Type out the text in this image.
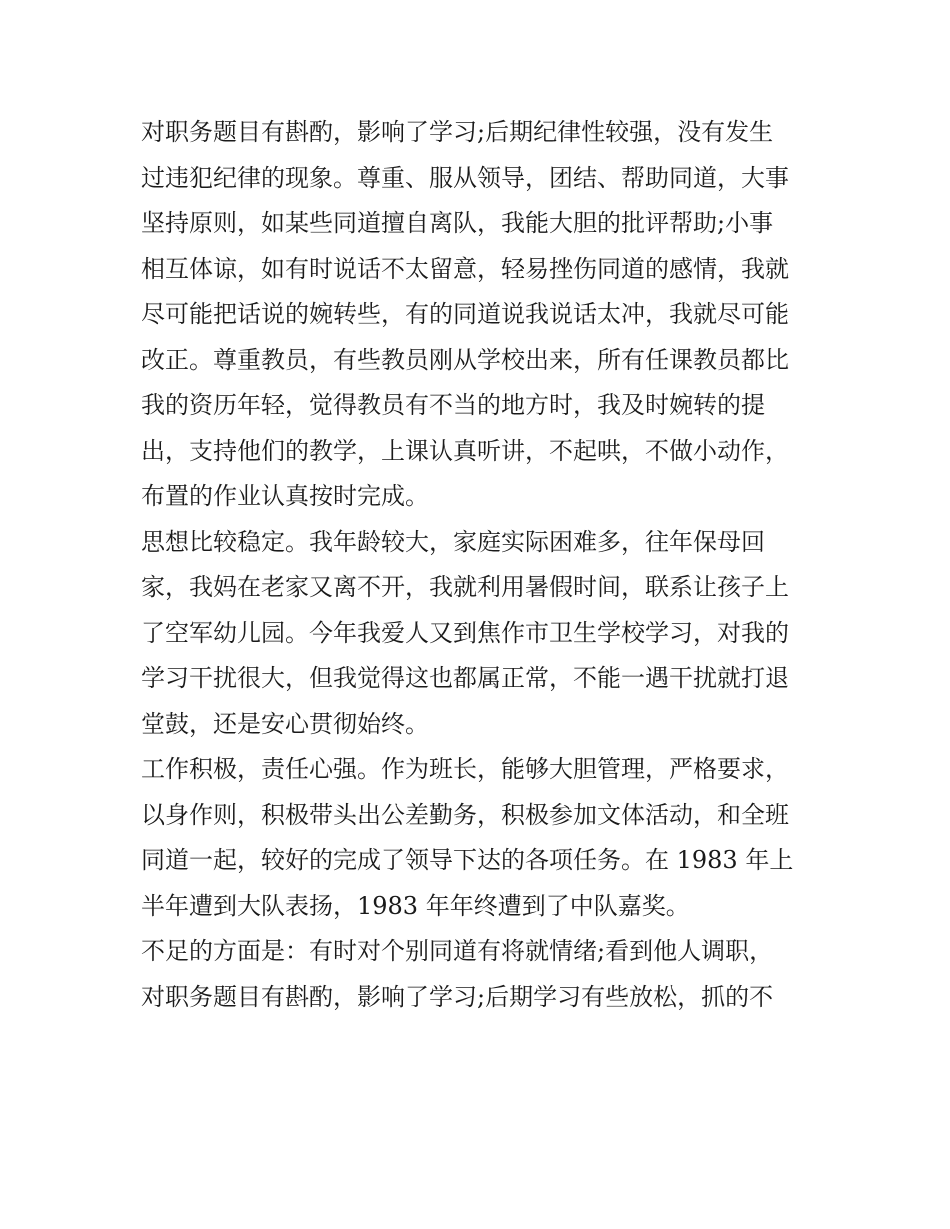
对职务题目有斟酌，影响了学习;后期纪律性较强，没有发生
过违犯纪律的现象。尊重、服从领导，团结、帮助同道，大事
坚持原则，如某些同道擅自离队，我能大胆的批评帮助;小事
相互体谅，如有时说话不太留意，轻易挫伤同道的感情，我就
尽可能把话说的婉转些，有的同道说我说话太冲，我就尽可能
改正。尊重教员，有些教员刚从学校出来，所有任课教员都比
我的资历年轻，觉得教员有不当的地方时，我及时婉转的提
出，支持他们的教学，上课认真听讲，不起哄，不做小动作，
布置的作业认真按时完成。
思想比较稳定。我年龄较大，家庭实际困难多，往年保母回
家，我妈在老家又离不开，我就利用暑假时间，联系让孩子上
了空军幼儿园。今年我爱人又到焦作市卫生学校学习，对我的
学习干扰很大，但我觉得这也都属正常，不能一遇干扰就打退
堂鼓，还是安心贯彻始终。
工作积极，责任心强。作为班长，能够大胆管理，严格要求，
以身作则，积极带头出公差勤务，积极参加文体活动，和全班
同道一起，较好的完成了领导下达的各项任务。在 1983 年上
半年遭到大队表扬，1983 年年终遭到了中队嘉奖。
不足的方面是：有时对个别同道有将就情绪;看到他人调职，
对职务题目有斟酌，影响了学习;后期学习有些放松，抓的不
